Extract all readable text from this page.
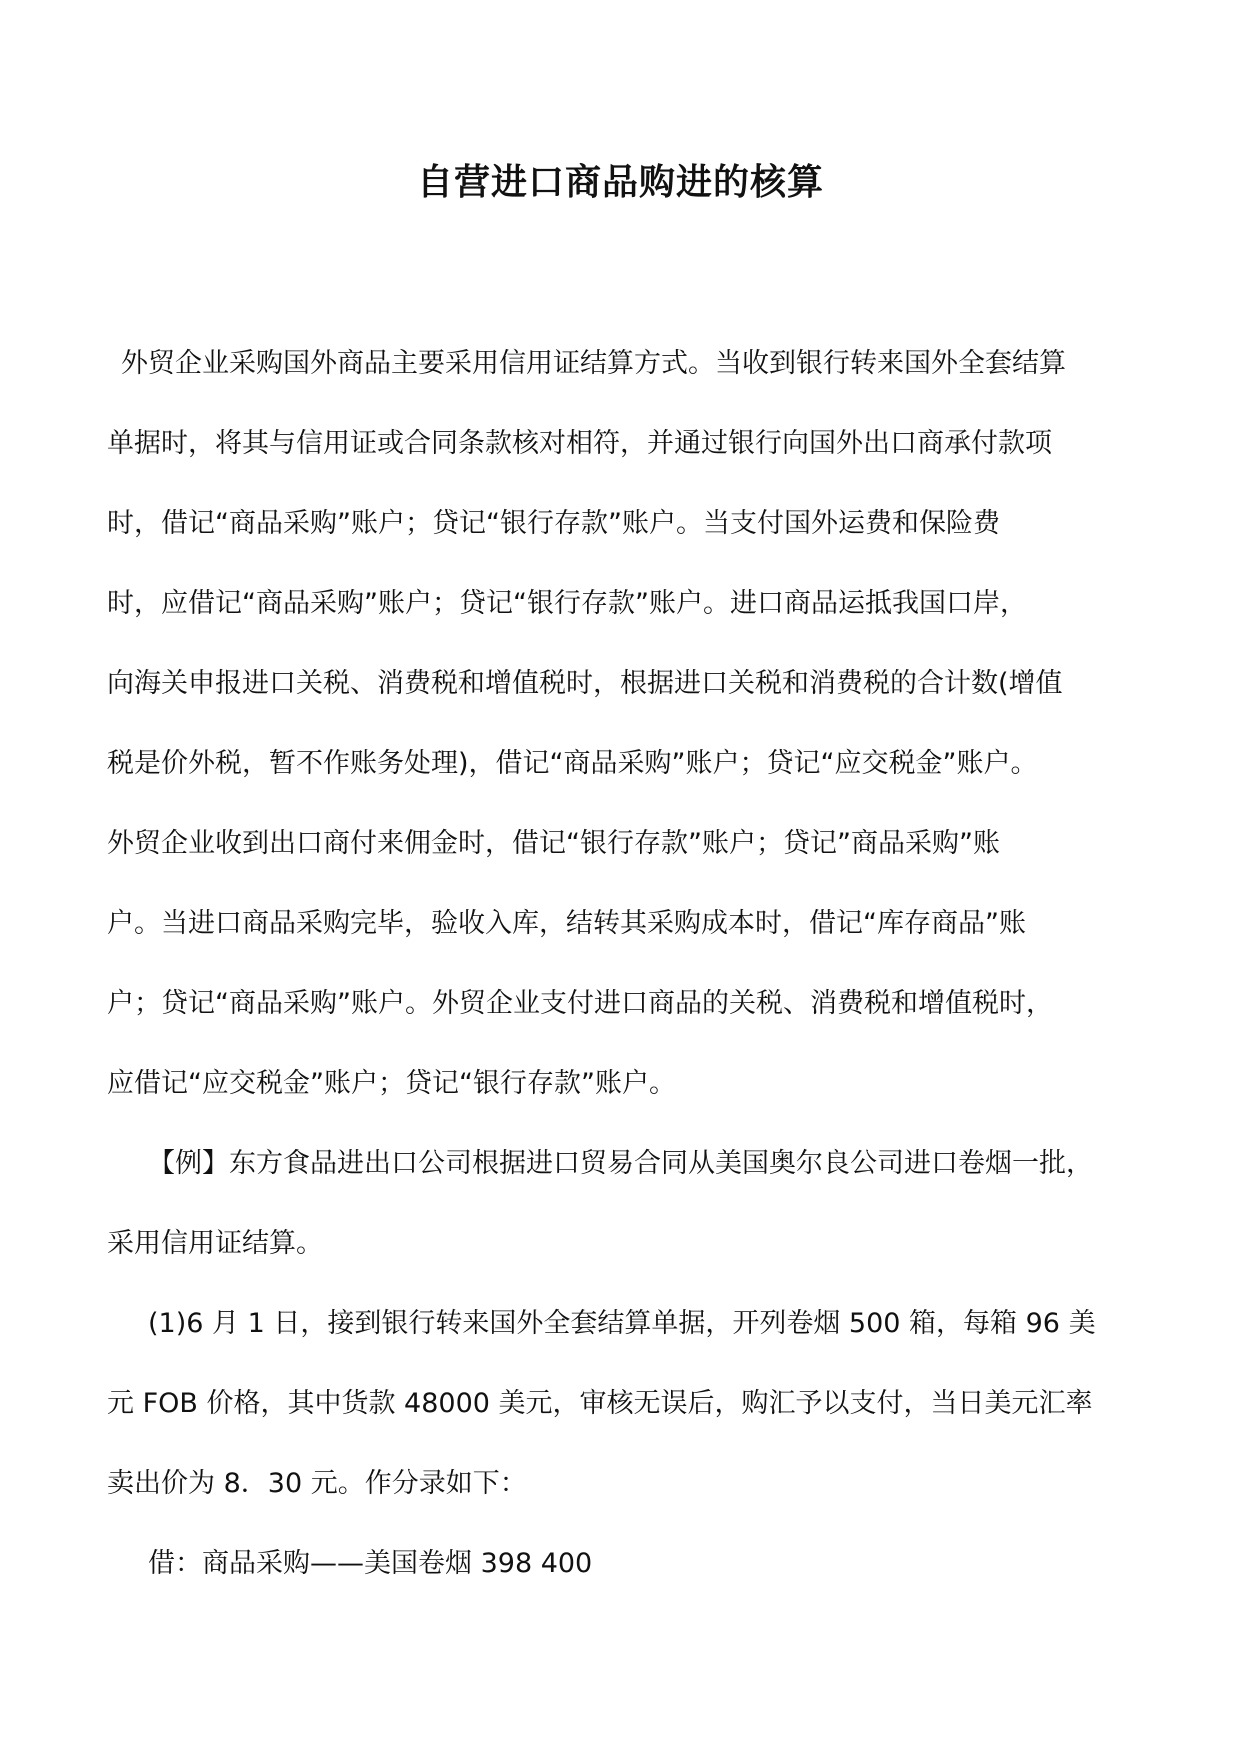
自营进口商品购进的核算
外贸企业采购国外商品主要采用信用证结算方式。当收到银行转来国外全套结算
单据时，将其与信用证或合同条款核对相符，并通过银行向国外出口商承付款项
时，借记“商品采购”账户；贷记“银行存款”账户。当支付国外运费和保险费
时，应借记“商品采购”账户；贷记“银行存款”账户。进口商品运抵我国口岸，
向海关申报进口关税、消费税和增值税时，根据进口关税和消费税的合计数(增值
税是价外税，暂不作账务处理)，借记“商品采购”账户；贷记“应交税金”账户。
外贸企业收到出口商付来佣金时，借记“银行存款”账户；贷记”商品采购”账
户。当进口商品采购完毕，验收入库，结转其采购成本时，借记“库存商品”账
户；贷记“商品采购”账户。外贸企业支付进口商品的关税、消费税和增值税时，
应借记“应交税金”账户；贷记“银行存款”账户。
【例】东方食品进出口公司根据进口贸易合同从美国奥尔良公司进口卷烟一批，
采用信用证结算。
(1)6 月 1 日，接到银行转来国外全套结算单据，开列卷烟 500 箱，每箱 96 美
元 FOB 价格，其中货款 48000 美元，审核无误后，购汇予以支付，当日美元汇率
卖出价为 8．30 元。作分录如下：
借：商品采购——美国卷烟 398 400
